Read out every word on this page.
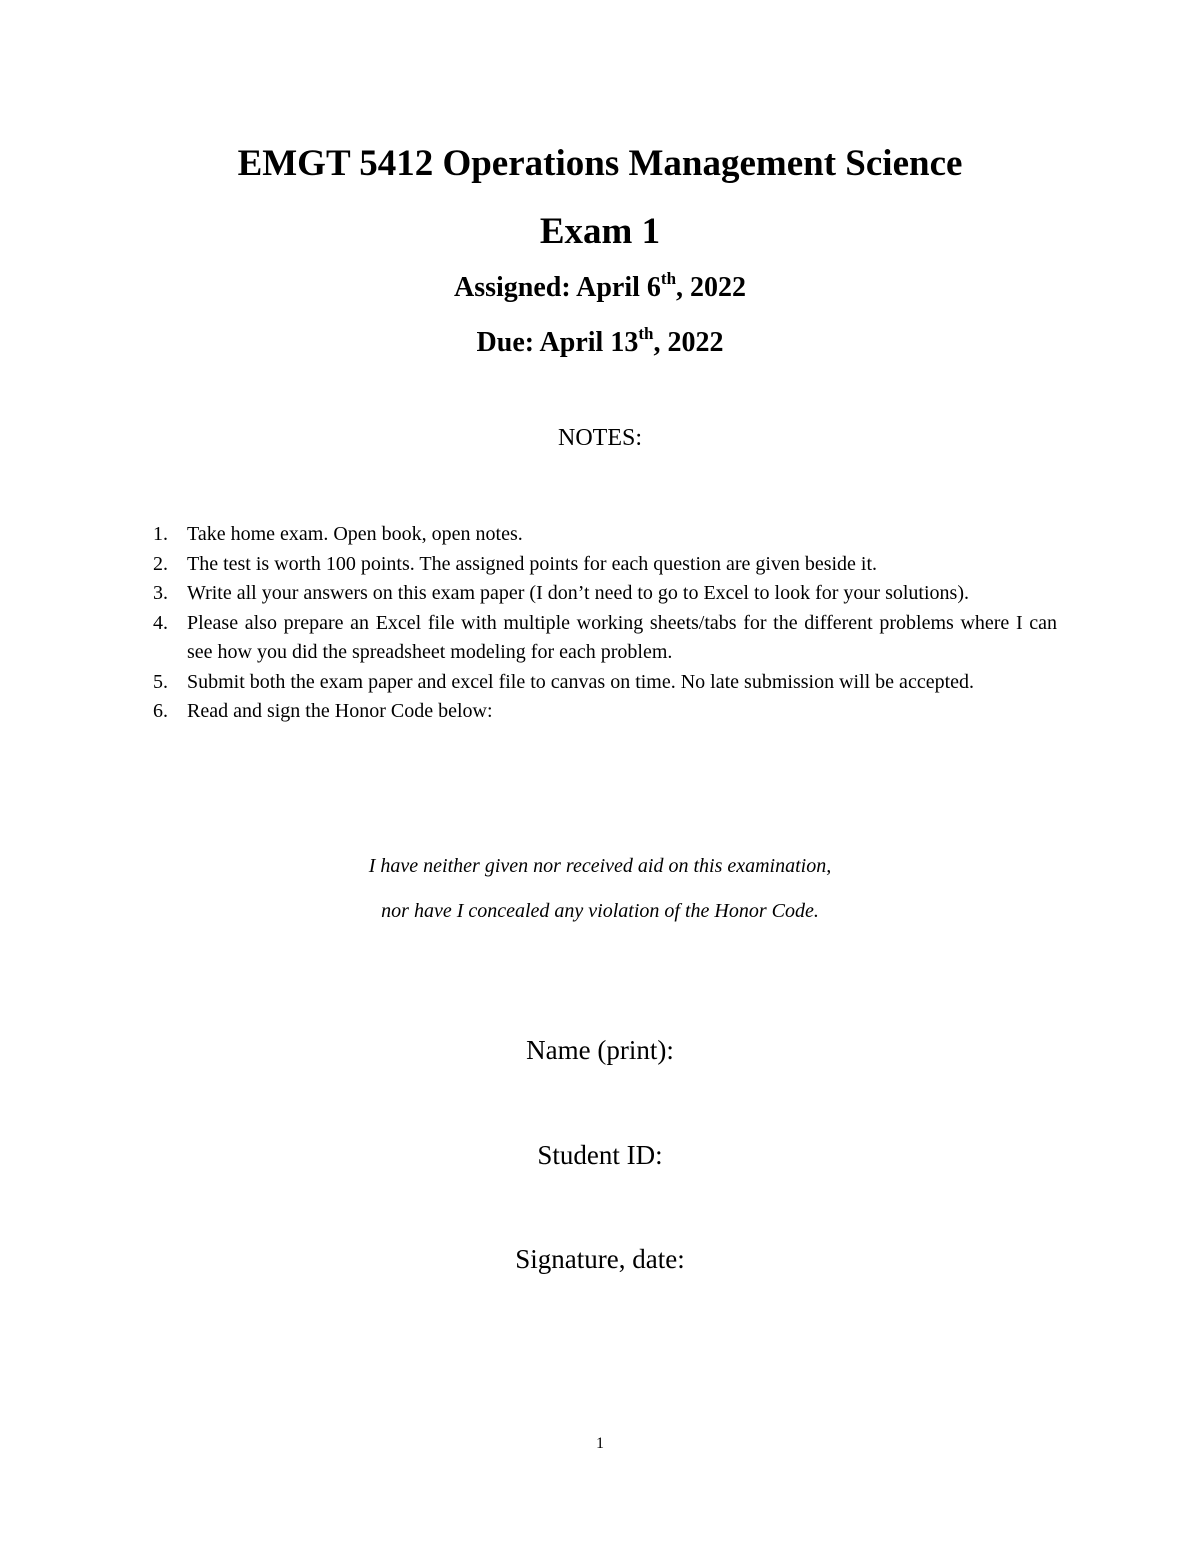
EMGT 5412 Operations Management Science
Exam 1
Assigned: April 6th, 2022
Due: April 13th, 2022
NOTES:
1. Take home exam. Open book, open notes.
2. The test is worth 100 points. The assigned points for each question are given beside it.
3. Write all your answers on this exam paper (I don’t need to go to Excel to look for your solutions).
4. Please also prepare an Excel file with multiple working sheets/tabs for the different problems where I can see how you did the spreadsheet modeling for each problem.
5. Submit both the exam paper and excel file to canvas on time. No late submission will be accepted.
6. Read and sign the Honor Code below:
I have neither given nor received aid on this examination,
nor have I concealed any violation of the Honor Code.
Name (print):
Student ID:
Signature, date:
1
